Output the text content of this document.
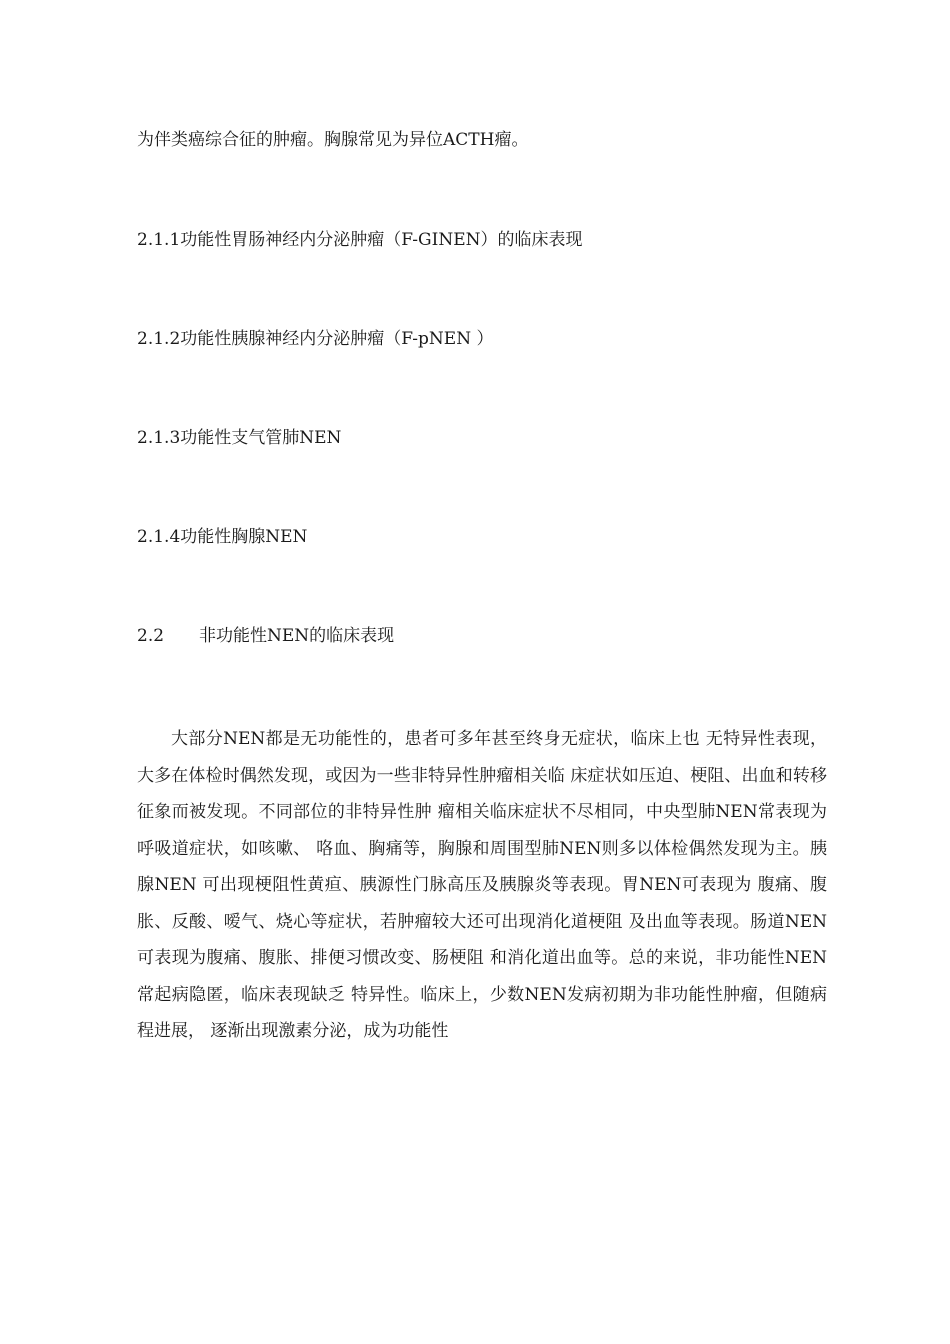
为伴类癌综合征的肿瘤。胸腺常见为异位ACTH瘤。
2.1.1功能性胃肠神经内分泌肿瘤（F-GINEN）的临床表现
2.1.2功能性胰腺神经内分泌肿瘤（F-pNEN ）
2.1.3功能性支气管肺NEN
2.1.4功能性胸腺NEN
2.2 非功能性NEN的临床表现

大部分NEN都是无功能性的，患者可多年甚至终身无症状，临床上也 无特异性表现，大多在体检时偶然发现，或因为一些非特异性肿瘤相关临 床症状如压迫、梗阻、出血和转移征象而被发现。不同部位的非特异性肿 瘤相关临床症状不尽相同，中央型肺NEN常表现为呼吸道症状，如咳嗽、 咯血、胸痛等，胸腺和周围型肺NEN则多以体检偶然发现为主。胰腺NEN 可出现梗阻性黄疸、胰源性门脉高压及胰腺炎等表现。胃NEN可表现为 腹痛、腹胀、反酸、嗳气、烧心等症状，若肿瘤较大还可出现消化道梗阻 及出血等表现。肠道NEN可表现为腹痛、腹胀、排便习惯改变、肠梗阻 和消化道出血等。总的来说，非功能性NEN常起病隐匿，临床表现缺乏 特异性。临床上，少数NEN发病初期为非功能性肿瘤，但随病程进展， 逐渐出现激素分泌，成为功能性
